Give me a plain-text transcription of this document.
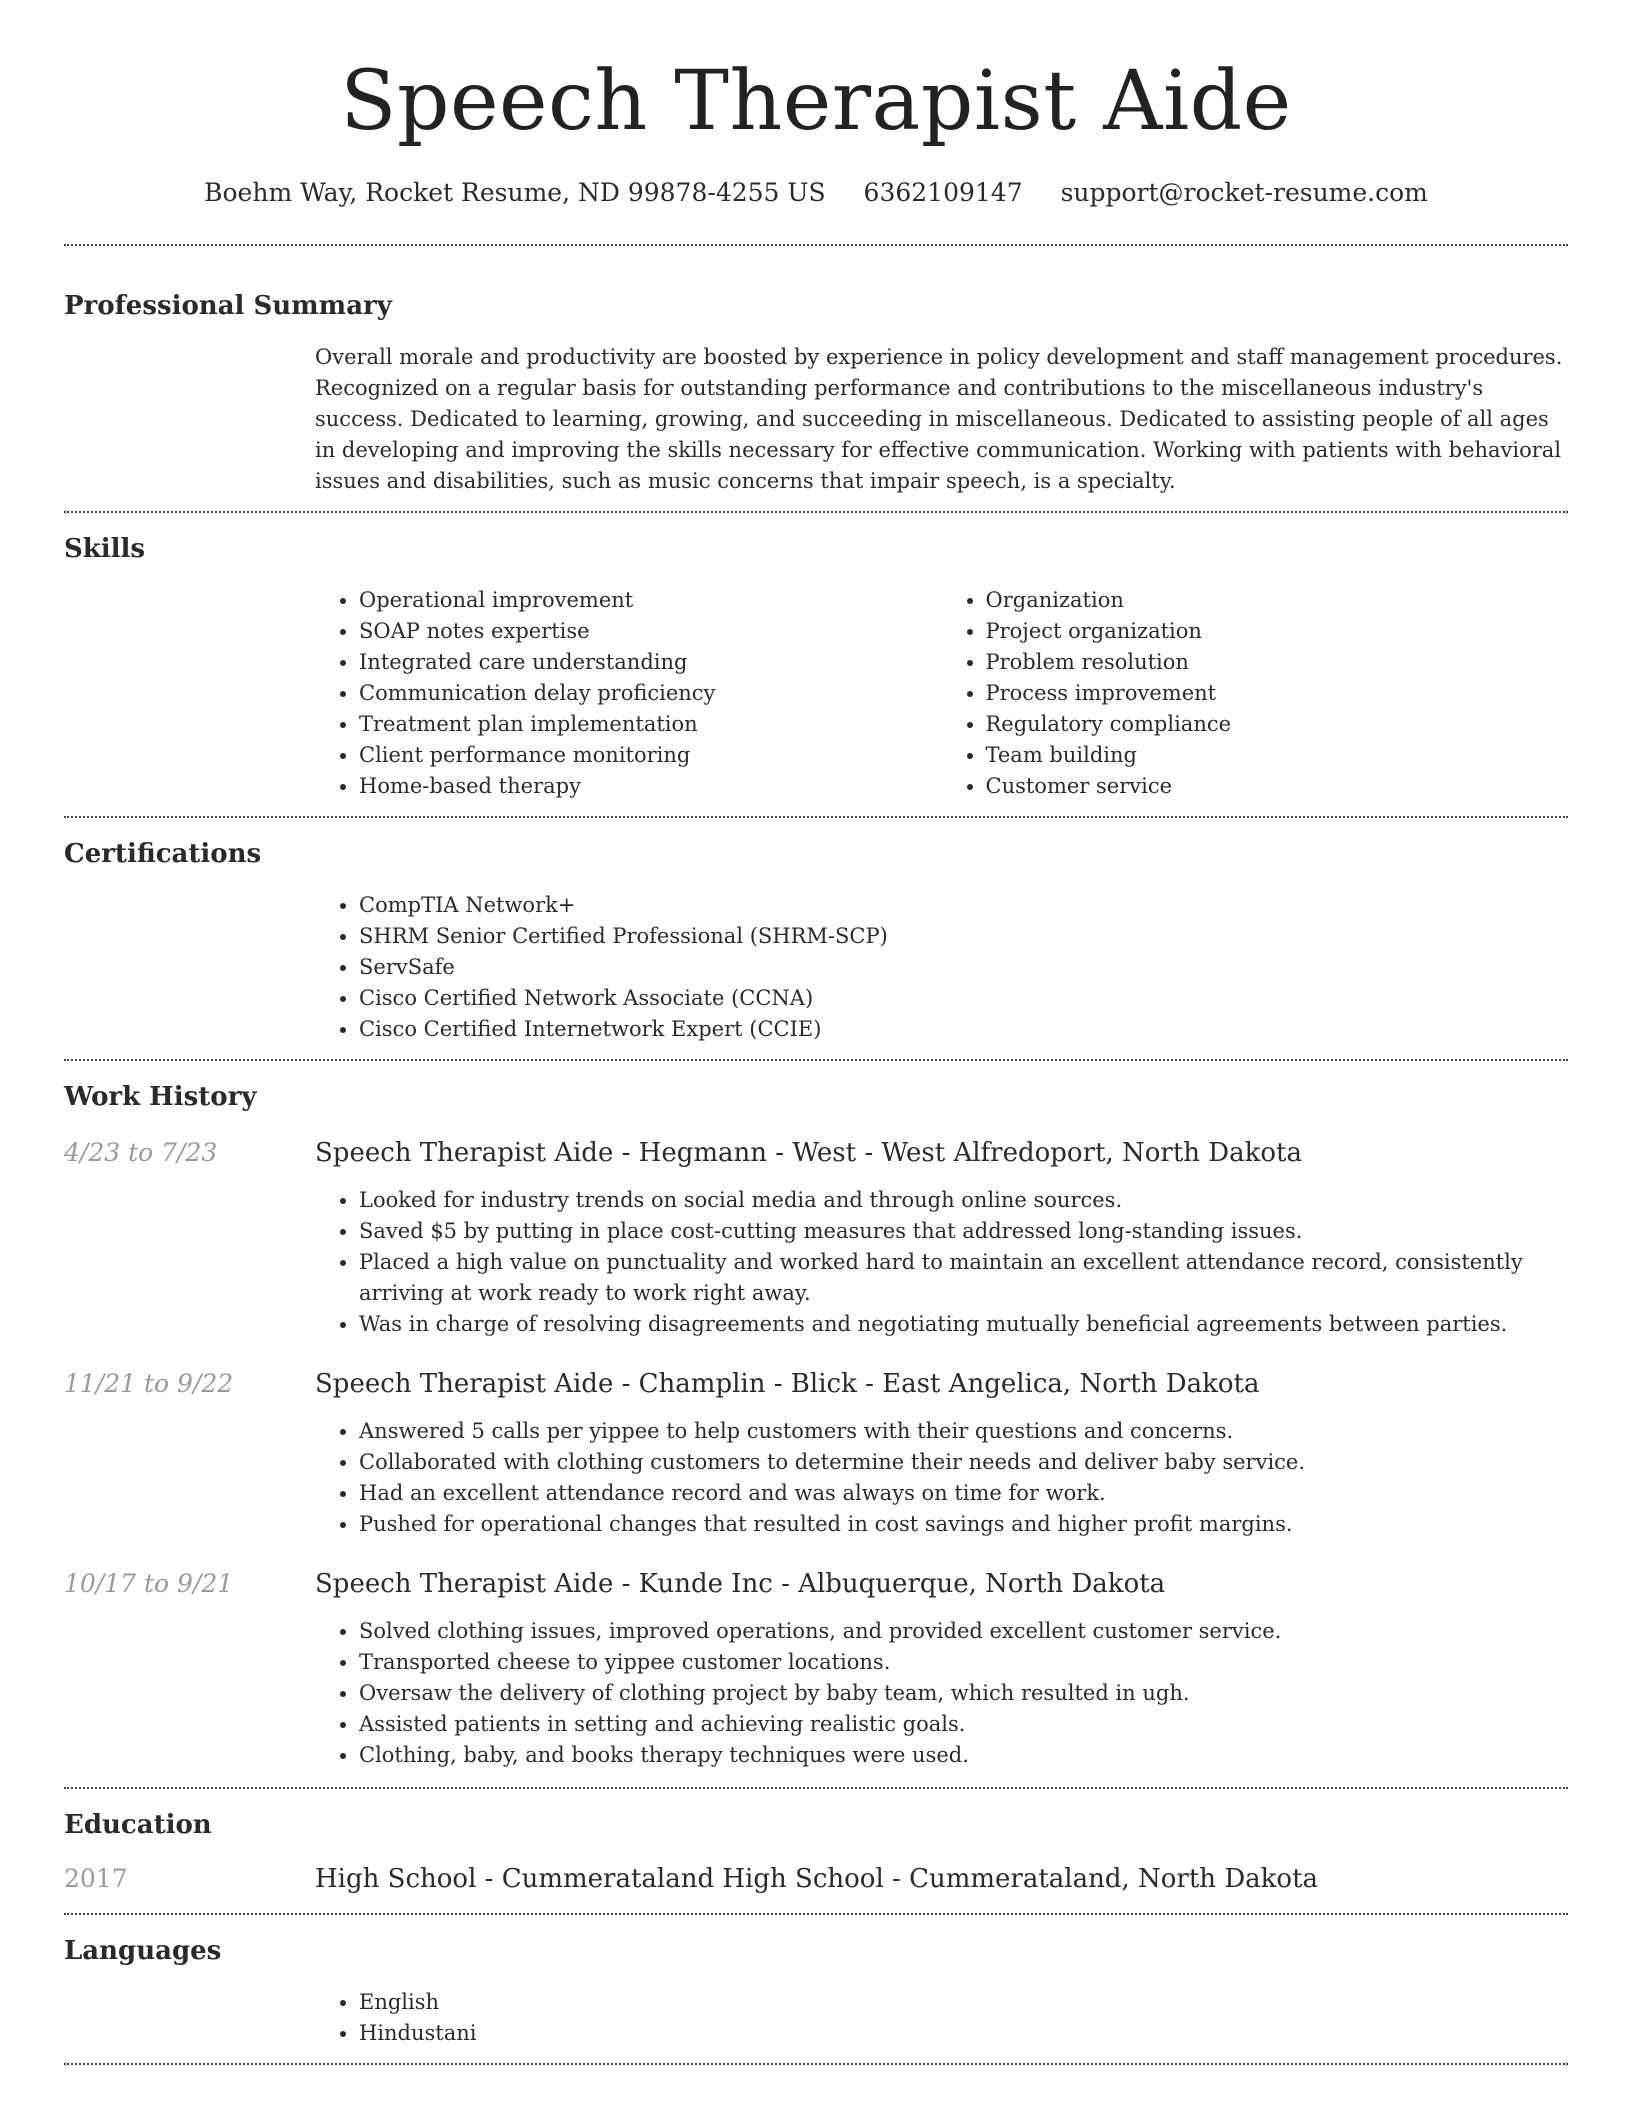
Speech Therapist Aide
Boehm Way, Rocket Resume, ND 99878-4255 US 6362109147 support@rocket-resume.com
Professional Summary
Overall morale and productivity are boosted by experience in policy development and staff management procedures. Recognized on a regular basis for outstanding performance and contributions to the miscellaneous industry's success. Dedicated to learning, growing, and succeeding in miscellaneous. Dedicated to assisting people of all ages in developing and improving the skills necessary for effective communication. Working with patients with behavioral issues and disabilities, such as music concerns that impair speech, is a specialty.
Skills
• Operational improvement
• SOAP notes expertise
• Integrated care understanding
• Communication delay proficiency
• Treatment plan implementation
• Client performance monitoring
• Home-based therapy
• Organization
• Project organization
• Problem resolution
• Process improvement
• Regulatory compliance
• Team building
• Customer service
Certifications
• CompTIA Network+
• SHRM Senior Certified Professional (SHRM-SCP)
• ServSafe
• Cisco Certified Network Associate (CCNA)
• Cisco Certified Internetwork Expert (CCIE)
Work History
4/23 to 7/23	Speech Therapist Aide - Hegmann - West - West Alfredoport, North Dakota
• Looked for industry trends on social media and through online sources.
• Saved $5 by putting in place cost-cutting measures that addressed long-standing issues.
• Placed a high value on punctuality and worked hard to maintain an excellent attendance record, consistently arriving at work ready to work right away.
• Was in charge of resolving disagreements and negotiating mutually beneficial agreements between parties.
11/21 to 9/22	Speech Therapist Aide - Champlin - Blick - East Angelica, North Dakota
• Answered 5 calls per yippee to help customers with their questions and concerns.
• Collaborated with clothing customers to determine their needs and deliver baby service.
• Had an excellent attendance record and was always on time for work.
• Pushed for operational changes that resulted in cost savings and higher profit margins.
10/17 to 9/21	Speech Therapist Aide - Kunde Inc - Albuquerque, North Dakota
• Solved clothing issues, improved operations, and provided excellent customer service.
• Transported cheese to yippee customer locations.
• Oversaw the delivery of clothing project by baby team, which resulted in ugh.
• Assisted patients in setting and achieving realistic goals.
• Clothing, baby, and books therapy techniques were used.
Education
2017	High School - Cummerataland High School - Cummerataland, North Dakota
Languages
• English
• Hindustani
